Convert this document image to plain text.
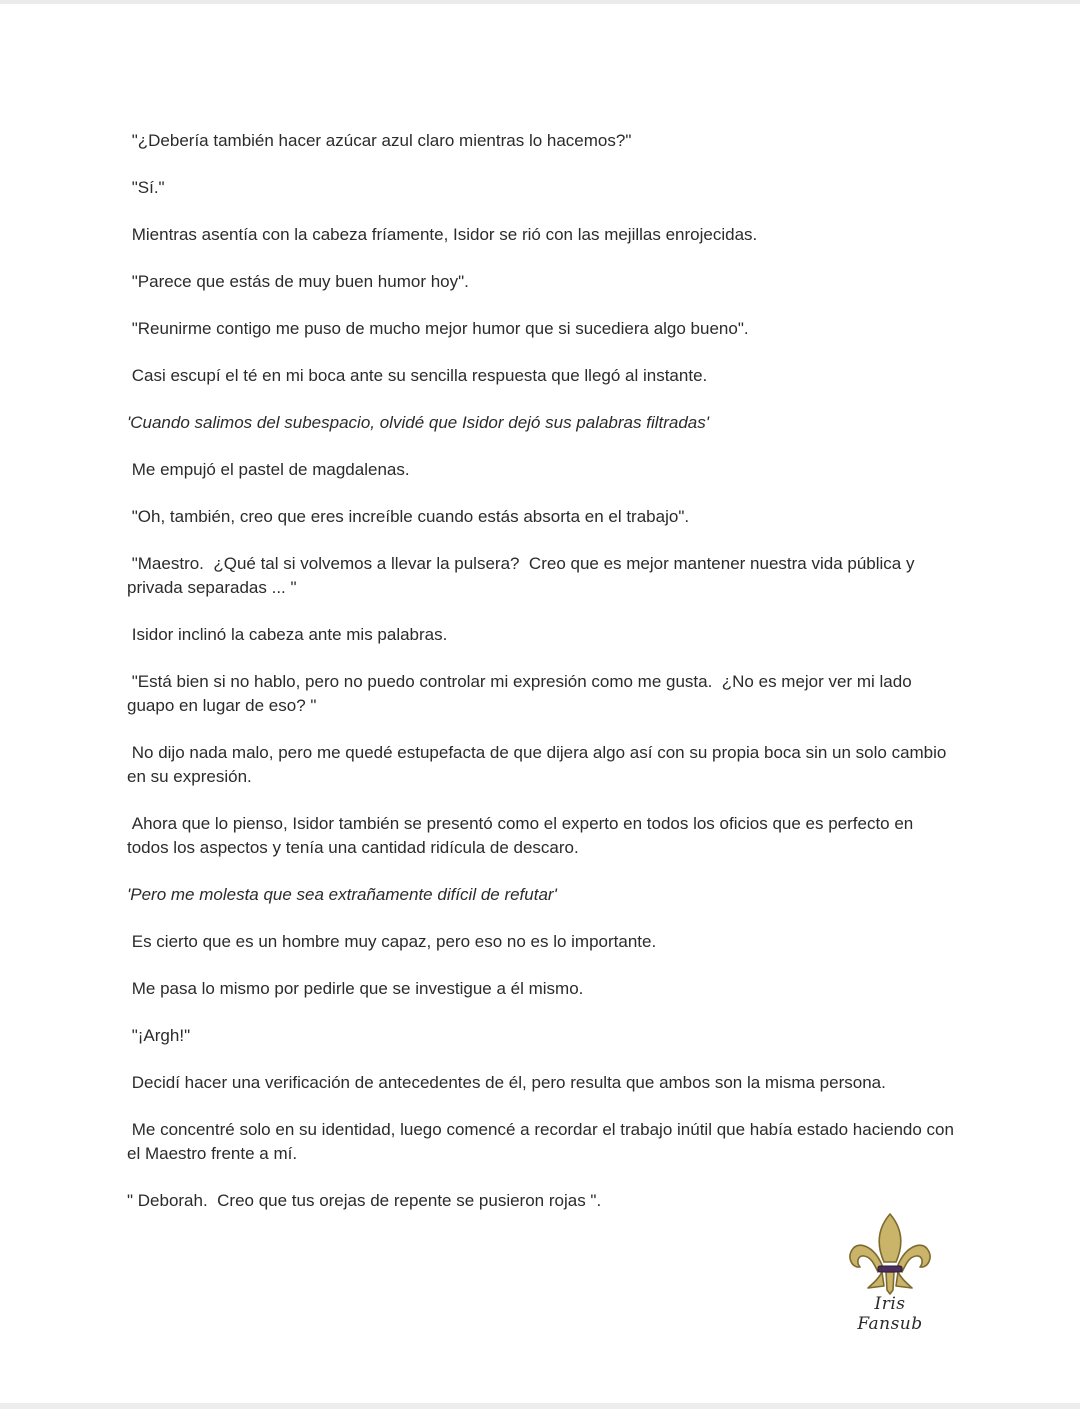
"¿Debería también hacer azúcar azul claro mientras lo hacemos?"

"Sí."

Mientras asentía con la cabeza fríamente, Isidor se rió con las mejillas enrojecidas.

"Parece que estás de muy buen humor hoy".

"Reunirme contigo me puso de mucho mejor humor que si sucediera algo bueno".

Casi escupí el té en mi boca ante su sencilla respuesta que llegó al instante.

'Cuando salimos del subespacio, olvidé que Isidor dejó sus palabras filtradas'

Me empujó el pastel de magdalenas.

"Oh, también, creo que eres increíble cuando estás absorta en el trabajo".

"Maestro.  ¿Qué tal si volvemos a llevar la pulsera?  Creo que es mejor mantener nuestra vida pública y privada separadas ... "

Isidor inclinó la cabeza ante mis palabras.

"Está bien si no hablo, pero no puedo controlar mi expresión como me gusta.  ¿No es mejor ver mi lado guapo en lugar de eso? "

No dijo nada malo, pero me quedé estupefacta de que dijera algo así con su propia boca sin un solo cambio en su expresión.

Ahora que lo pienso, Isidor también se presentó como el experto en todos los oficios que es perfecto en todos los aspectos y tenía una cantidad ridícula de descaro.

'Pero me molesta que sea extrañamente difícil de refutar'

Es cierto que es un hombre muy capaz, pero eso no es lo importante.

Me pasa lo mismo por pedirle que se investigue a él mismo.

"¡Argh!"

Decidí hacer una verificación de antecedentes de él, pero resulta que ambos son la misma persona.

Me concentré solo en su identidad, luego comencé a recordar el trabajo inútil que había estado haciendo con el Maestro frente a mí.

" Deborah.  Creo que tus orejas de repente se pusieron rojas ".

Iris Fansub
